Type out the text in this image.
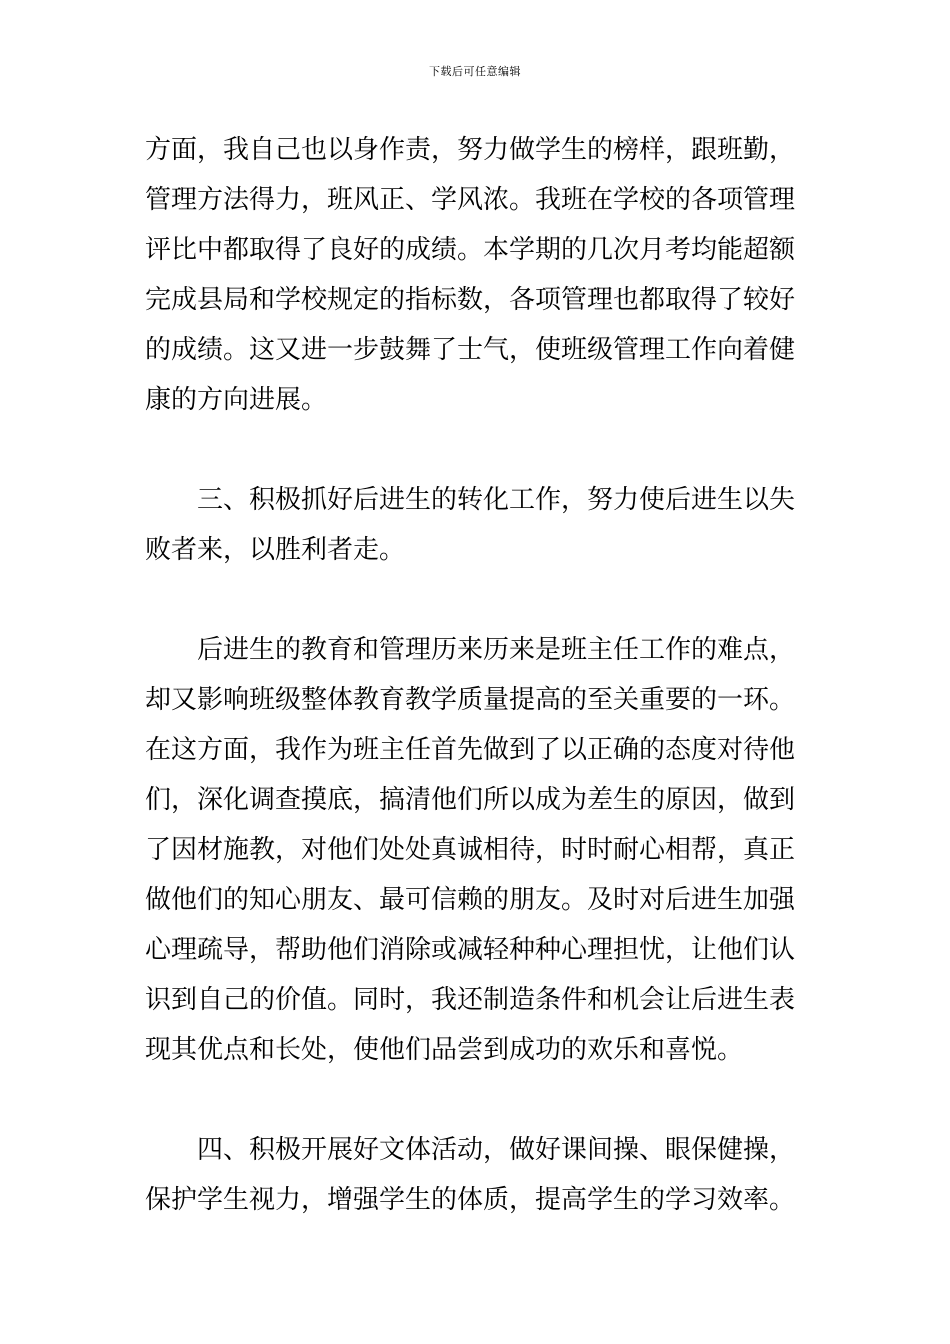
下载后可任意编辑

方面，我自己也以身作责，努力做学生的榜样，跟班勤，
管理方法得力，班风正、学风浓。我班在学校的各项管理
评比中都取得了良好的成绩。本学期的几次月考均能超额
完成县局和学校规定的指标数，各项管理也都取得了较好
的成绩。这又进一步鼓舞了士气，使班级管理工作向着健
康的方向进展。

　　三、积极抓好后进生的转化工作，努力使后进生以失
败者来，以胜利者走。

　　后进生的教育和管理历来历来是班主任工作的难点，
却又影响班级整体教育教学质量提高的至关重要的一环。
在这方面，我作为班主任首先做到了以正确的态度对待他
们，深化调查摸底，搞清他们所以成为差生的原因，做到
了因材施教，对他们处处真诚相待，时时耐心相帮，真正
做他们的知心朋友、最可信赖的朋友。及时对后进生加强
心理疏导，帮助他们消除或减轻种种心理担忧，让他们认
识到自己的价值。同时，我还制造条件和机会让后进生表
现其优点和长处，使他们品尝到成功的欢乐和喜悦。

　　四、积极开展好文体活动，做好课间操、眼保健操，
保护学生视力，增强学生的体质，提高学生的学习效率。
